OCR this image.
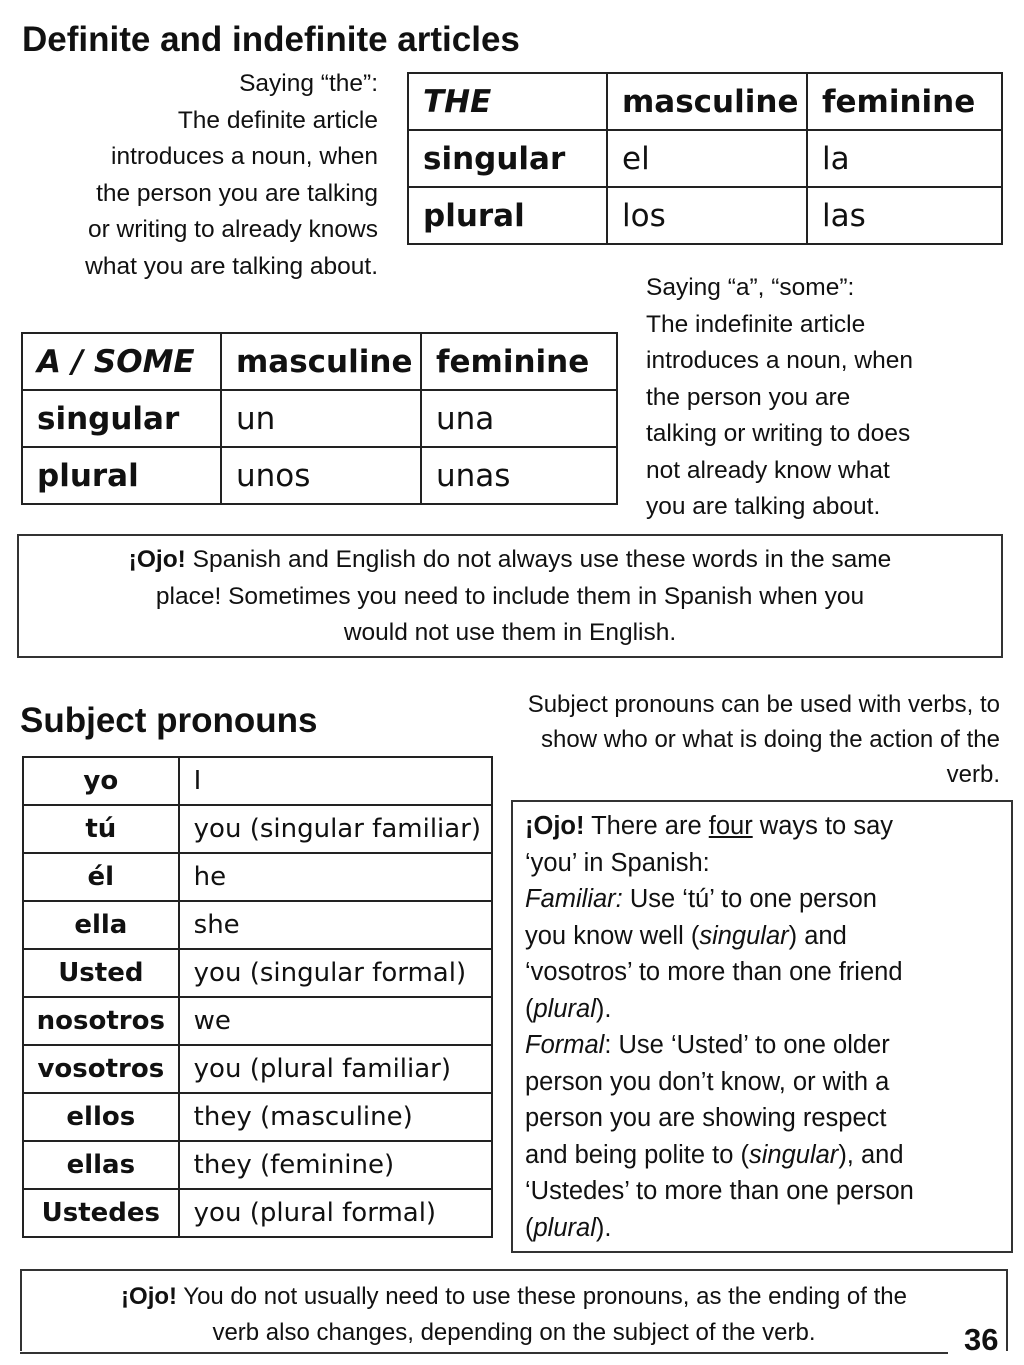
Definite and indefinite articles
Saying “the”:
The definite article
introduces a noun, when
the person you are talking
or writing to already knows
what you are talking about.
THE	masculine	feminine
singular	el	la
plural	los	las
Saying “a”, “some”:
The indefinite article
introduces a noun, when
the person you are
talking or writing to does
not already know what
you are talking about.
A / SOME	masculine	feminine
singular	un	una
plural	unos	unas
¡Ojo! Spanish and English do not always use these words in the same
place! Sometimes you need to include them in Spanish when you
would not use them in English.
Subject pronouns	Subject pronouns can be used with verbs, to
show who or what is doing the action of the
verb.
yo	I
tú	you (singular familiar)
él	he
ella	she
Usted	you (singular formal)
nosotros	we
vosotros	you (plural familiar)
ellos	they (masculine)
ellas	they (feminine)
Ustedes	you (plural formal)
¡Ojo! There are four ways to say
‘you’ in Spanish:
Familiar: Use ‘tú’ to one person
you know well (singular) and
‘vosotros’ to more than one friend
(plural).
Formal: Use ‘Usted’ to one older
person you don’t know, or with a
person you are showing respect
and being polite to (singular), and
‘Ustedes’ to more than one person
(plural).
¡Ojo! You do not usually need to use these pronouns, as the ending of the
verb also changes, depending on the subject of the verb.	36
